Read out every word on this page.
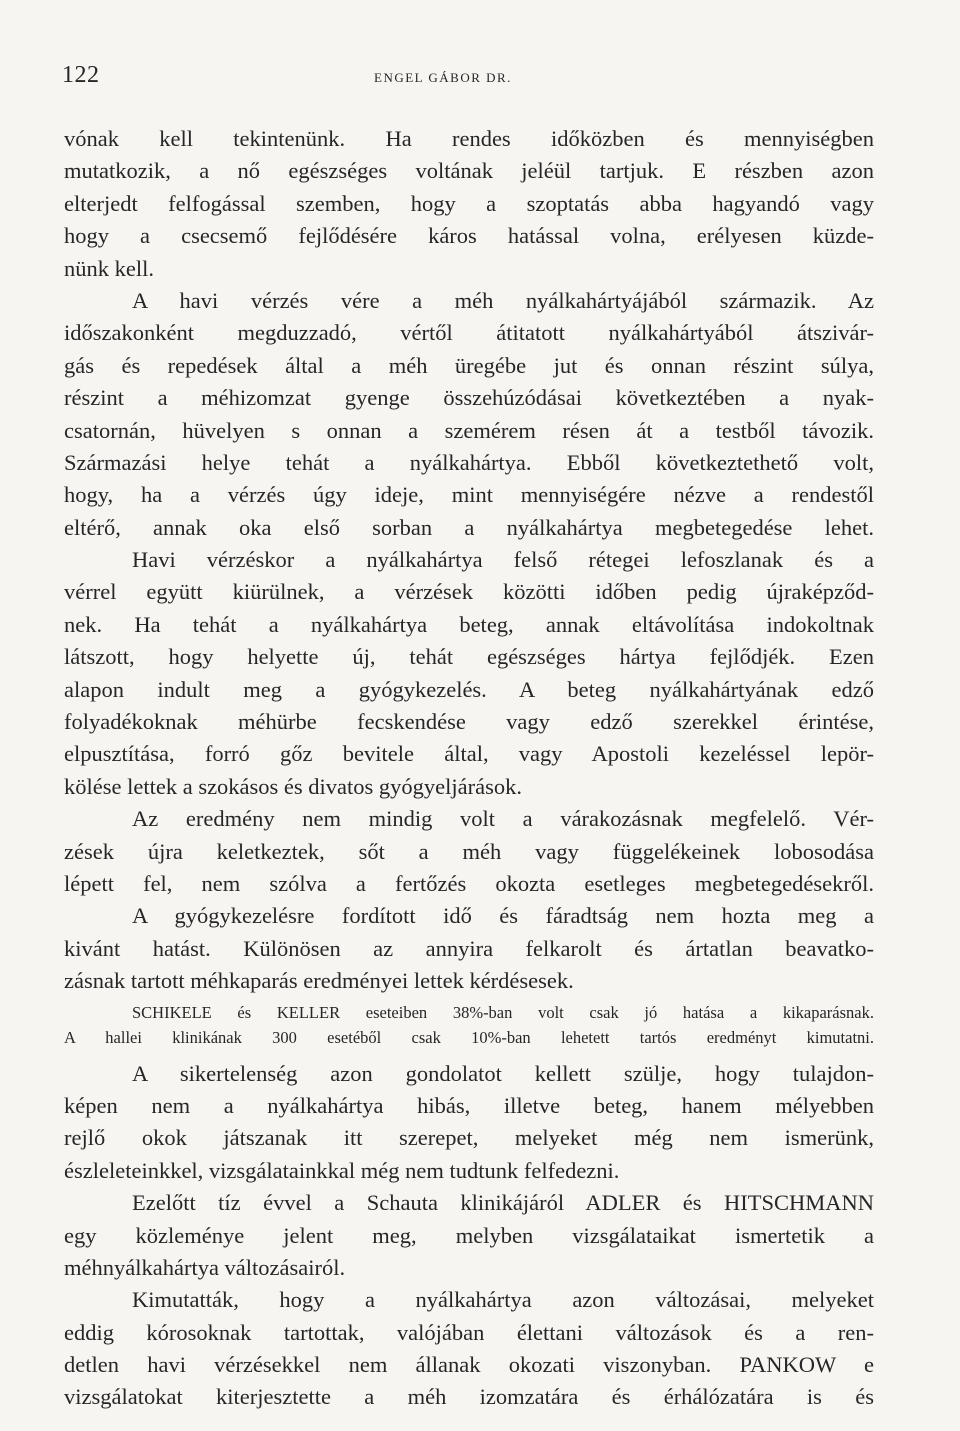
122	ENGEL GÁBOR DR.
vónak kell tekintenünk. Ha rendes időközben és mennyiségben
mutatkozik, a nő egészséges voltának jeléül tartjuk. E részben azon
elterjedt felfogással szemben, hogy a szoptatás abba hagyandó vagy
hogy a csecsemő fejlődésére káros hatással volna, erélyesen küzde-
nünk kell.
A havi vérzés vére a méh nyálkahártyájából származik. Az
időszakonként megduzzadó, vértől átitatott nyálkahártyából átszivár-
gás és repedések által a méh üregébe jut és onnan részint súlya,
részint a méhizomzat gyenge összehúzódásai következtében a nyak-
csatornán, hüvelyen s onnan a szemérem résen át a testből távozik.
Származási helye tehát a nyálkahártya. Ebből következtethető volt,
hogy, ha a vérzés úgy ideje, mint mennyiségére nézve a rendestől
eltérő, annak oka első sorban a nyálkahártya megbetegedése lehet.
Havi vérzéskor a nyálkahártya felső rétegei lefoszlanak és a
vérrel együtt kiürülnek, a vérzések közötti időben pedig újraképződ-
nek. Ha tehát a nyálkahártya beteg, annak eltávolítása indokoltnak
látszott, hogy helyette új, tehát egészséges hártya fejlődjék. Ezen
alapon indult meg a gyógykezelés. A beteg nyálkahártyának edző
folyadékoknak méhürbe fecskendése vagy edző szerekkel érintése,
elpusztítása, forró gőz bevitele által, vagy Apostoli kezeléssel lepör-
kölése lettek a szokásos és divatos gyógyeljárások.
Az eredmény nem mindig volt a várakozásnak megfelelő. Vér-
zések újra keletkeztek, sőt a méh vagy függelékeinek lobosodása
lépett fel, nem szólva a fertőzés okozta esetleges megbetegedésekről.
A gyógykezelésre fordított idő és fáradtság nem hozta meg a
kivánt hatást. Különösen az annyira felkarolt és ártatlan beavatko-
zásnak tartott méhkaparás eredményei lettek kérdésesek.
SCHIKELE és KELLER eseteiben 38%-ban volt csak jó hatása a kikaparásnak.
A hallei klinikának 300 esetéből csak 10%-ban lehetett tartós eredményt kimutatni.
A sikertelenség azon gondolatot kellett szülje, hogy tulajdon-
képen nem a nyálkahártya hibás, illetve beteg, hanem mélyebben
rejlő okok játszanak itt szerepet, melyeket még nem ismerünk,
észleleteinkkel, vizsgálatainkkal még nem tudtunk felfedezni.
Ezelőtt tíz évvel a Schauta klinikájáról ADLER és HITSCHMANN
egy közleménye jelent meg, melyben vizsgálataikat ismertetik a
méhnyálkahártya változásairól.
Kimutatták, hogy a nyálkahártya azon változásai, melyeket
eddig kórosoknak tartottak, valójában élettani változások és a ren-
detlen havi vérzésekkel nem állanak okozati viszonyban. PANKOW e
vizsgálatokat kiterjesztette a méh izomzatára és érhálózatára is és
